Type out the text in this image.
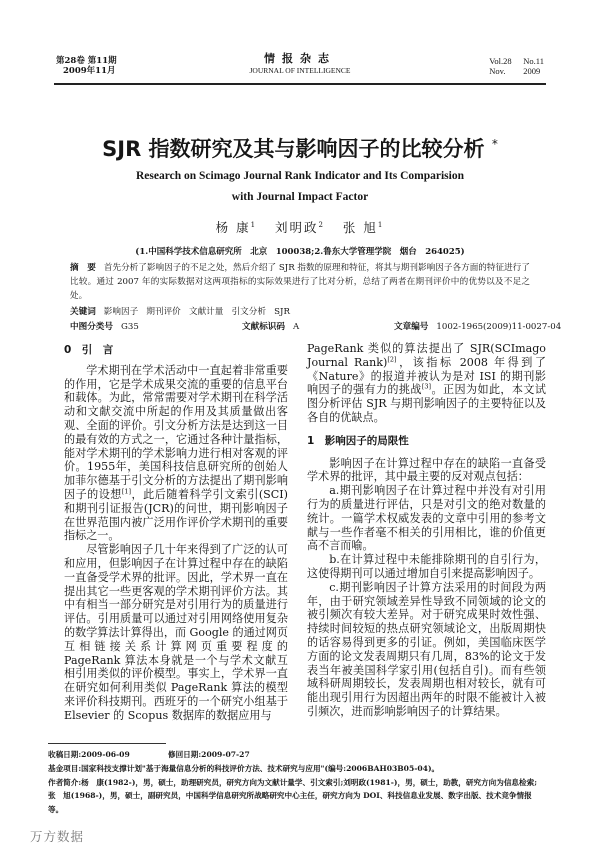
第28卷 第11期
2009年11月
情报杂志
JOURNAL OF INTELLIGENCE
Vol.28 No.11
Nov. 2009
SJR 指数研究及其与影响因子的比较分析 *
Research on Scimago Journal Rank Indicator and Its Comparision
with Journal Impact Factor
杨 康$^1$ 刘明政$^2$ 张 旭$^1$
(1.中国科学技术信息研究所　北京　100038;2.鲁东大学管理学院　烟台　264025)
摘　要 首先分析了影响因子的不足之处，然后介绍了 SJR 指数的原理和特征，将其与期刊影响因子各方面的特征进行了比较。通过 2007 年的实际数据对这两项指标的实际效果进行了比对分析，总结了两者在期刊评价中的优势以及不足之处。
关键词 影响因子 期刊评价 文献计量 引文分析 SJR
中图分类号 G35	文献标识码 A	文章编号 1002-1965(2009)11-0027-04

0　引　言

学术期刊在学术活动中一直起着非常重要的作用，它是学术成果交流的重要的信息平台和载体。为此，常常需要对学术期刊在科学活动和文献交流中所起的作用及其质量做出客观、全面的评价。引文分析方法是达到这一目的最有效的方式之一，它通过各种计量指标，能对学术期刊的学术影响力进行相对客观的评价。1955年，美国科技信息研究所的创始人加菲尔德基于引文分析的方法提出了期刊影响因子的设想[1]，此后随着科学引文索引(SCI)和期刊引证报告(JCR)的问世，期刊影响因子在世界范围内被广泛用作评价学术期刊的重要指标之一。

尽管影响因子几十年来得到了广泛的认可和应用，但影响因子在计算过程中存在的缺陷一直备受学术界的批评。因此，学术界一直在提出其它一些更客观的学术期刊评价方法。其中有相当一部分研究是对引用行为的质量进行评估。引用质量可以通过对引用网络使用复杂的数学算法计算得出，而 Google 的通过网页互相链接关系计算网页重要程度的 PageRank 算法本身就是一个与学术文献互相引用类似的评价模型。事实上，学术界一直在研究如何利用类似 PageRank 算法的模型来评价科技期刊。西班牙的一个研究小组基于 Elsevier 的 Scopus 数据库的数据应用与

PageRank 类似的算法提出了 SJR(SCImago Journal Rank)[2]，该指标 2008 年得到了《Nature》的报道并被认为是对 ISI 的期刊影响因子的强有力的挑战[3]。正因为如此，本文试图分析评估 SJR 与期刊影响因子的主要特征以及各自的优缺点。

1　影响因子的局限性

影响因子在计算过程中存在的缺陷一直备受学术界的批评，其中最主要的反对观点包括：

a.期刊影响因子在计算过程中并没有对引用行为的质量进行评估，只是对引文的绝对数量的统计。一篇学术权威发表的文章中引用的参考文献与一些作者毫不相关的引用相比，谁的价值更高不言而喻。

b.在计算过程中未能排除期刊的自引行为，这使得期刊可以通过增加自引来提高影响因子。

c.期刊影响因子计算方法采用的时间段为两年，由于研究领域差异性导致不同领域的论文的被引频次有较大差异。对于研究成果时效性强、持续时间较短的热点研究领域论文，出版周期快的话容易得到更多的引证。例如，美国临床医学方面的论文发表周期只有几周，83%的论文于发表当年被美国科学家引用(包括自引)。而有些领域科研周期较长，发表周期也相对较长，就有可能出现引用行为因超出两年的时限不能被计入被引频次，进而影响影响因子的计算结果。

收稿日期:2009-06-09	修回日期:2009-07-27
基金项目:国家科技支撑计划"基于海量信息分析的科技评价方法、技术研究与应用"(编号:2006BAH03B05-04)。
作者简介:杨　康(1982-)，男，硕士，助理研究员，研究方向为文献计量学、引文索引;刘明政(1981-)，男，硕士，助教，研究方向为信息检索;
张　旭(1968-)，男，硕士，副研究员，中国科学信息研究所战略研究中心主任，研究方向为 DOI、科技信息业发展、数字出版、技术竞争情报
等。
万方数据
